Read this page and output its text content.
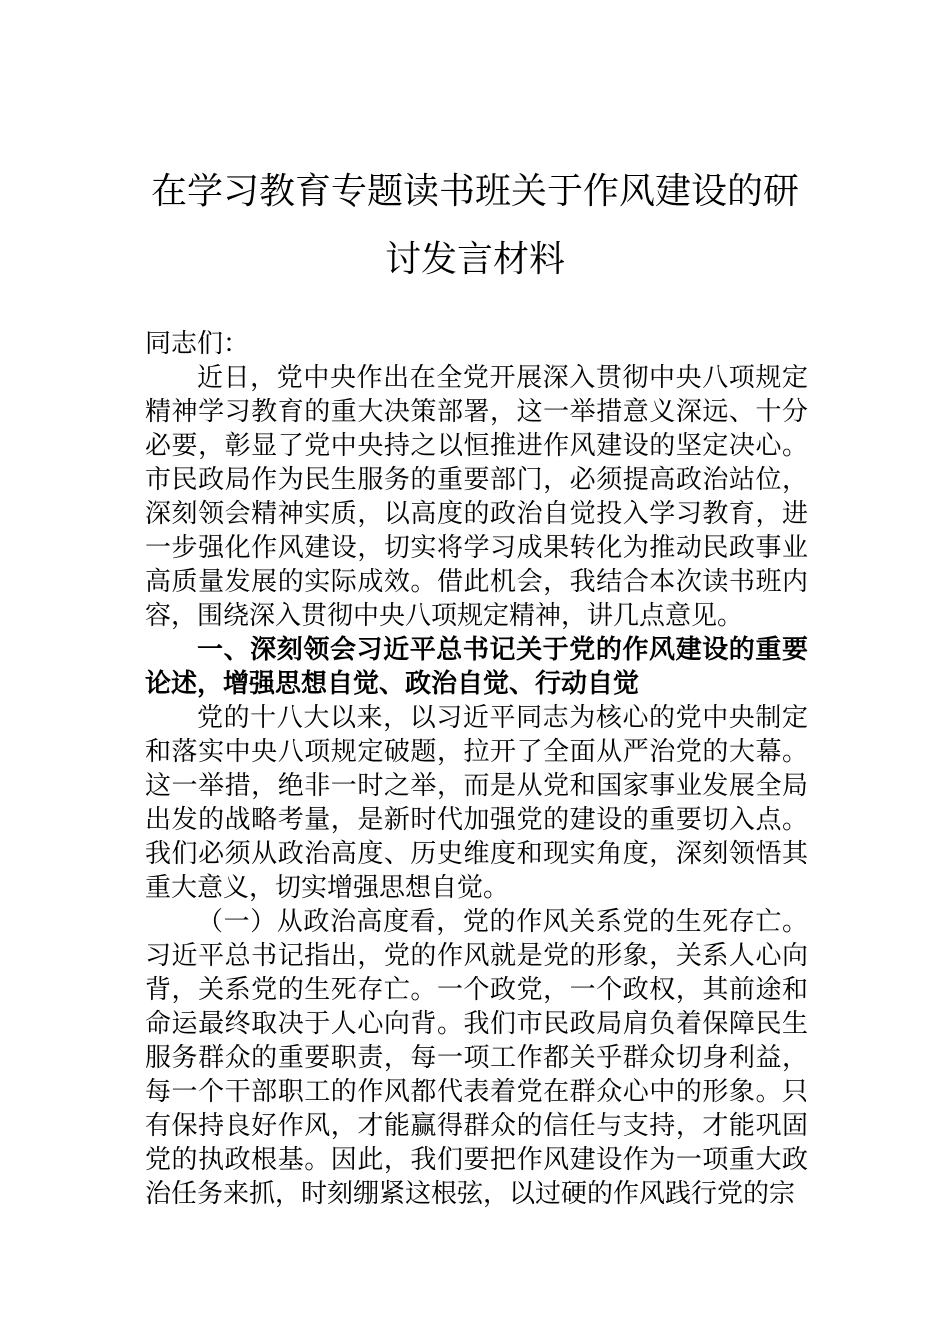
在学习教育专题读书班关于作风建设的研
讨发言材料

同志们：

近日，党中央作出在全党开展深入贯彻中央八项规定精神学习教育的重大决策部署，这一举措意义深远、十分必要，彰显了党中央持之以恒推进作风建设的坚定决心。市民政局作为民生服务的重要部门，必须提高政治站位，深刻领会精神实质，以高度的政治自觉投入学习教育，进一步强化作风建设，切实将学习成果转化为推动民政事业高质量发展的实际成效。借此机会，我结合本次读书班内容，围绕深入贯彻中央八项规定精神，讲几点意见。

一、深刻领会习近平总书记关于党的作风建设的重要论述，增强思想自觉、政治自觉、行动自觉

党的十八大以来，以习近平同志为核心的党中央制定和落实中央八项规定破题，拉开了全面从严治党的大幕。这一举措，绝非一时之举，而是从党和国家事业发展全局出发的战略考量，是新时代加强党的建设的重要切入点。我们必须从政治高度、历史维度和现实角度，深刻领悟其重大意义，切实增强思想自觉。

（一）从政治高度看，党的作风关系党的生死存亡。习近平总书记指出，党的作风就是党的形象，关系人心向背，关系党的生死存亡。一个政党，一个政权，其前途和命运最终取决于人心向背。我们市民政局肩负着保障民生服务群众的重要职责，每一项工作都关乎群众切身利益，每一个干部职工的作风都代表着党在群众心中的形象。只有保持良好作风，才能赢得群众的信任与支持，才能巩固党的执政根基。因此，我们要把作风建设作为一项重大政治任务来抓，时刻绷紧这根弦，以过硬的作风践行党的宗
